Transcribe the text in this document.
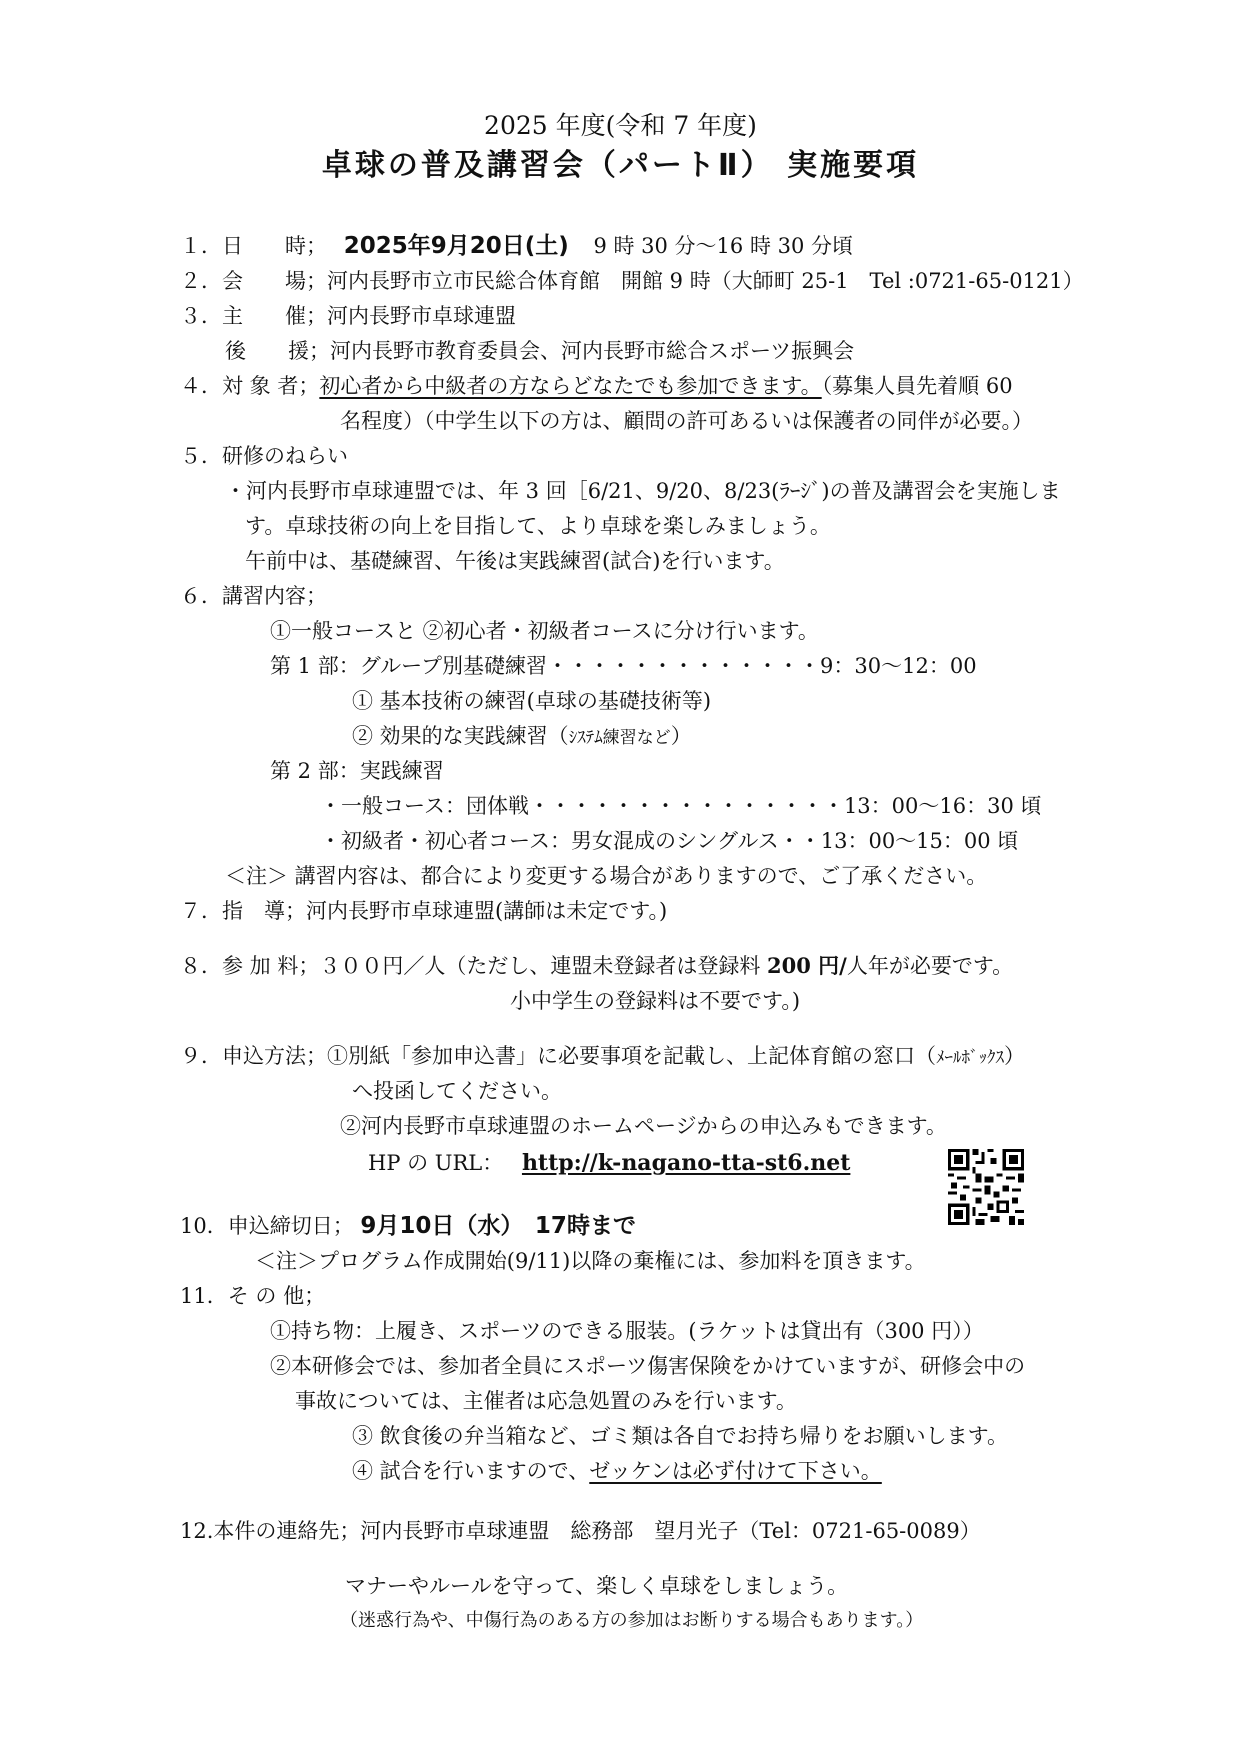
2025 年度(令和 7 年度)
卓球の普及講習会（パートⅡ） 実施要項
１．日　　時； 2025年9月20日(土) 9 時 30 分～16 時 30 分頃
２．会　　場；河内長野市立市民総合体育館　開館 9 時（大師町 25-1　Tel :0721-65-0121）
３．主　　催；河内長野市卓球連盟
後　　援；河内長野市教育委員会、河内長野市総合スポーツ振興会
４．対 象 者；初心者から中級者の方ならどなたでも参加できます。（募集人員先着順 60
名程度）（中学生以下の方は、顧問の許可あるいは保護者の同伴が必要。）
５．研修のねらい
・河内長野市卓球連盟では、年 3 回［6/21、9/20、8/23(ﾗｰｼﾞ)の普及講習会を実施しま
す。卓球技術の向上を目指して、より卓球を楽しみましょう。
午前中は、基礎練習、午後は実践練習(試合)を行います。
６．講習内容；
①一般コースと ②初心者・初級者コースに分け行います。
第 1 部：グループ別基礎練習・・・・・・・・・・・・・9：30～12：00
① 基本技術の練習(卓球の基礎技術等)
② 効果的な実践練習（ｼｽﾃﾑ練習など）
第 2 部：実践練習
・一般コース：団体戦・・・・・・・・・・・・・・・13：00～16：30 頃
・初級者・初心者コース：男女混成のシングルス・・13：00～15：00 頃
＜注＞ 講習内容は、都合により変更する場合がありますので、ご了承ください。
７．指　導；河内長野市卓球連盟(講師は未定です。)
８．参 加 料；３００円／人（ただし、連盟未登録者は登録料 200 円/人年が必要です。
小中学生の登録料は不要です。)
９．申込方法；①別紙「参加申込書」に必要事項を記載し、上記体育館の窓口（ﾒｰﾙﾎﾞｯｸｽ）
へ投函してください。
②河内長野市卓球連盟のホームページからの申込みもできます。
HP の URL： http://k-nagano-tta-st6.net
10．申込締切日； 9月10日（水）　17時まで
＜注＞プログラム作成開始(9/11)以降の棄権には、参加料を頂きます。
11．そ の 他；
①持ち物：上履き、スポーツのできる服装。(ラケットは貸出有（300 円））
②本研修会では、参加者全員にスポーツ傷害保険をかけていますが、研修会中の
事故については、主催者は応急処置のみを行います。
③ 飲食後の弁当箱など、ゴミ類は各自でお持ち帰りをお願いします。
④ 試合を行いますので、ゼッケンは必ず付けて下さい。
12.本件の連絡先；河内長野市卓球連盟　総務部　望月光子（Tel：0721-65-0089）
マナーやルールを守って、楽しく卓球をしましょう。
（迷惑行為や、中傷行為のある方の参加はお断りする場合もあります。）
